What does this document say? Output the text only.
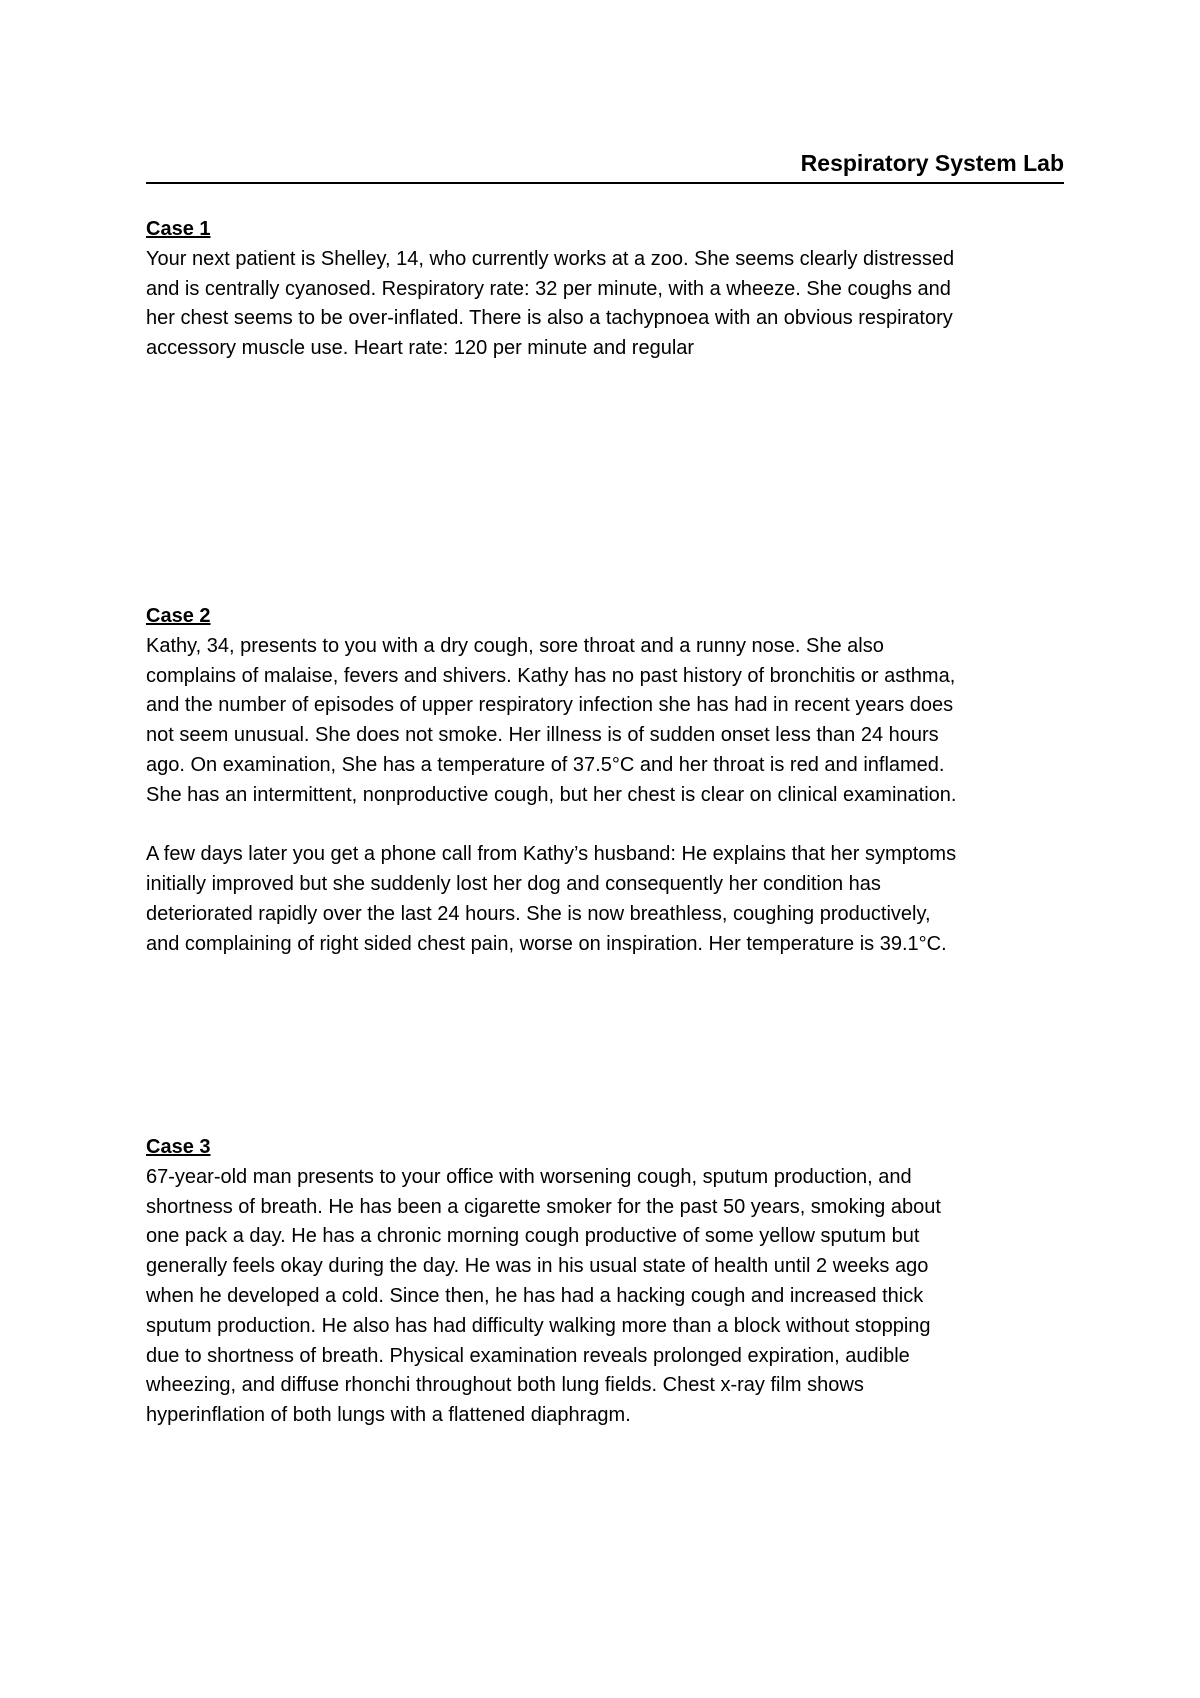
Respiratory System Lab
Case 1
Your next patient is Shelley, 14, who currently works at a zoo. She seems clearly distressed
and is centrally cyanosed. Respiratory rate: 32 per minute, with a wheeze. She coughs and
her chest seems to be over-inflated. There is also a tachypnoea with an obvious respiratory
accessory muscle use. Heart rate: 120 per minute and regular
Case 2
Kathy, 34, presents to you with a dry cough, sore throat and a runny nose. She also
complains of malaise, fevers and shivers. Kathy has no past history of bronchitis or asthma,
and the number of episodes of upper respiratory infection she has had in recent years does
not seem unusual. She does not smoke. Her illness is of sudden onset less than 24 hours
ago. On examination, She has a temperature of 37.5°C and her throat is red and inflamed.
She has an intermittent, nonproductive cough, but her chest is clear on clinical examination.
A few days later you get a phone call from Kathy’s husband: He explains that her symptoms
initially improved but she suddenly lost her dog and consequently her condition has
deteriorated rapidly over the last 24 hours. She is now breathless, coughing productively,
and complaining of right sided chest pain, worse on inspiration. Her temperature is 39.1°C.
Case 3
67-year-old man presents to your office with worsening cough, sputum production, and
shortness of breath. He has been a cigarette smoker for the past 50 years, smoking about
one pack a day. He has a chronic morning cough productive of some yellow sputum but
generally feels okay during the day. He was in his usual state of health until 2 weeks ago
when he developed a cold. Since then, he has had a hacking cough and increased thick
sputum production. He also has had difficulty walking more than a block without stopping
due to shortness of breath. Physical examination reveals prolonged expiration, audible
wheezing, and diffuse rhonchi throughout both lung fields. Chest x-ray film shows
hyperinflation of both lungs with a flattened diaphragm.
